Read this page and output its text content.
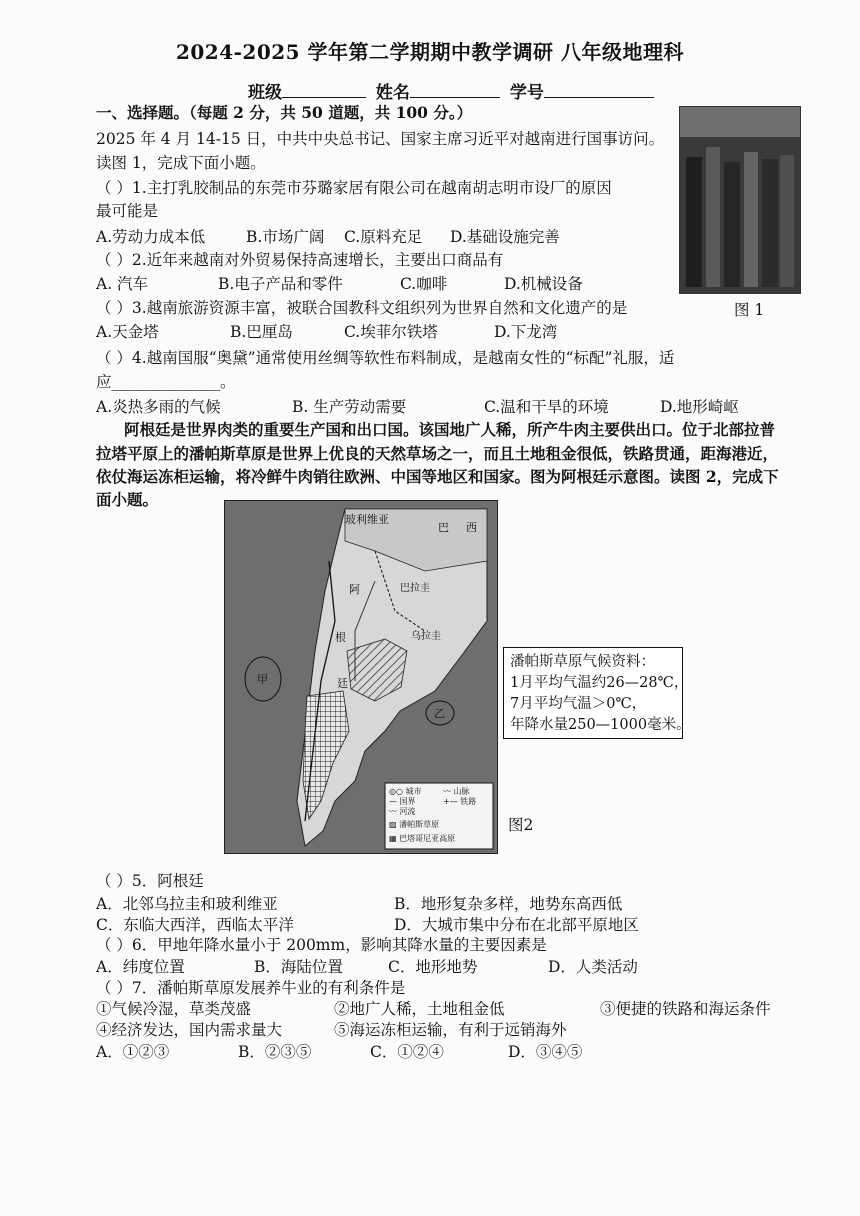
2024-2025 学年第二学期期中教学调研 八年级地理科
班级	姓名	学号
一、选择题。（每题 2 分，共 50 道题，共 100 分。）
2025 年 4 月 14-15 日，中共中央总书记、国家主席习近平对越南进行国事访问。
读图 1，完成下面小题。
（ ）1.主打乳胶制品的东莞市芬璐家居有限公司在越南胡志明市设厂的原因
最可能是
A.劳动力成本低	B.市场广阔 C.原料充足 D.基础设施完善
（ ）2.近年来越南对外贸易保持高速增长，主要出口商品有
A. 汽车	B.电子产品和零件	C.咖啡	D.机械设备
（ ）3.越南旅游资源丰富，被联合国教科文组织列为世界自然和文化遗产的是	图 1
A.天金塔	B.巴厘岛	C.埃菲尔铁塔	D.下龙湾
（ ）4.越南国服“奥黛”通常使用丝绸等软性布料制成，是越南女性的“标配”礼服，适
应______________。
A.炎热多雨的气候	B. 生产劳动需要	C.温和干旱的环境	D.地形崎岖
阿根廷是世界肉类的重要生产国和出口国。该国地广人稀，所产牛肉主要供出口。位于北部拉普
拉塔平原上的潘帕斯草原是世界上优良的天然草场之一，而且土地租金很低，铁路贯通，距海港近，
依仗海运冻柜运输，将冷鲜牛肉销往欧洲、中国等地区和国家。图为阿根廷示意图。读图 2，完成下
面小题。
玻利维亚
巴 西
巴拉圭
阿
根
廷
乌拉圭
甲
乙
◎○ 城市	〰 山脉
— 国界	+— 铁路
〰 河流
▨ 潘帕斯草原
▦ 巴塔哥尼亚高原
潘帕斯草原气候资料：
1月平均气温约26—28℃，
7月平均气温＞0℃，
年降水量250—1000毫米。
图2
（ ）5．阿根廷
A．北邻乌拉圭和玻利维亚	B．地形复杂多样，地势东高西低
C．东临大西洋，西临太平洋	D．大城市集中分布在北部平原地区
（ ）6．甲地年降水量小于 200mm，影响其降水量的主要因素是
A．纬度位置	B．海陆位置	C．地形地势	D．人类活动
（ ）7．潘帕斯草原发展养牛业的有利条件是
①气候冷湿，草类茂盛	②地广人稀，土地租金低	③便捷的铁路和海运条件
④经济发达，国内需求量大	⑤海运冻柜运输，有利于远销海外
A．①②③	B．②③⑤	C．①②④	D．③④⑤
